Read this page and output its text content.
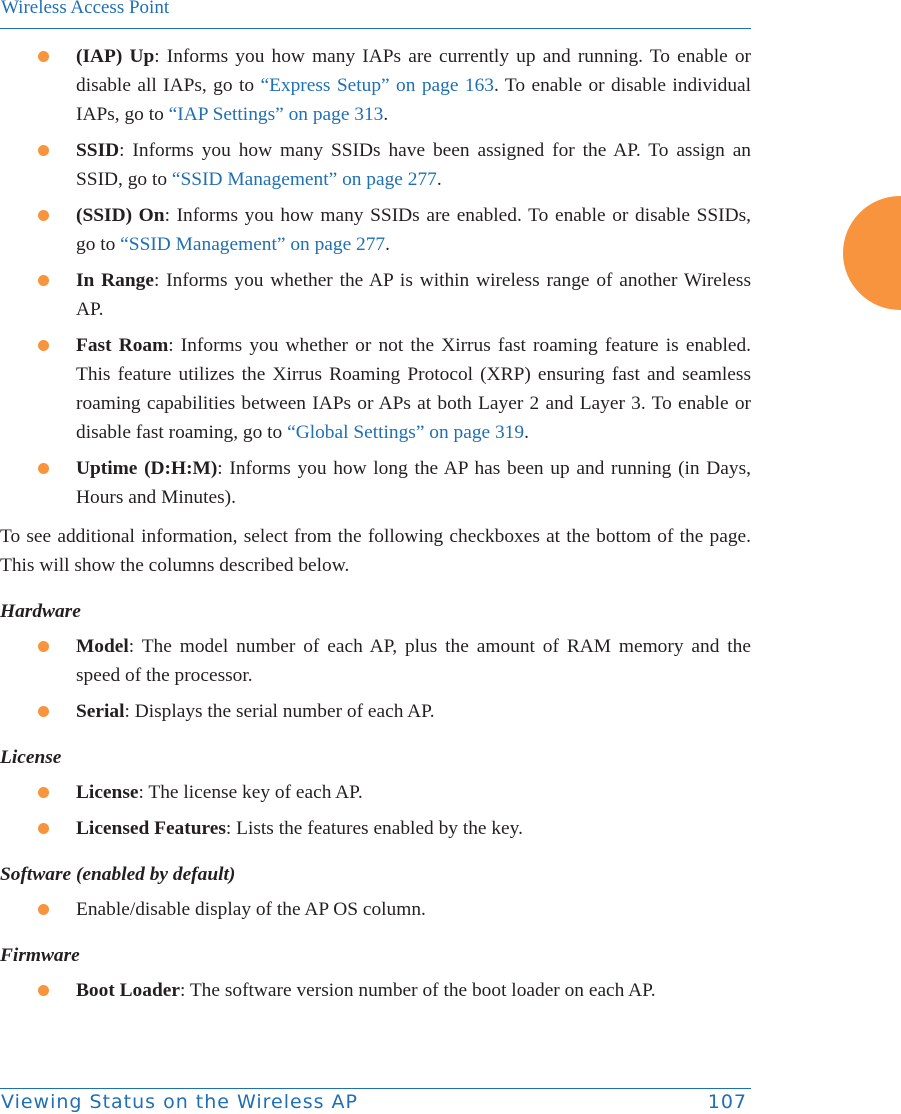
Wireless Access Point
(IAP) Up: Informs you how many IAPs are currently up and running. To enable or disable all IAPs, go to “Express Setup” on page 163. To enable or disable individual IAPs, go to “IAP Settings” on page 313.
SSID: Informs you how many SSIDs have been assigned for the AP. To assign an SSID, go to “SSID Management” on page 277.
(SSID) On: Informs you how many SSIDs are enabled. To enable or disable SSIDs, go to “SSID Management” on page 277.
In Range: Informs you whether the AP is within wireless range of another Wireless AP.
Fast Roam: Informs you whether or not the Xirrus fast roaming feature is enabled. This feature utilizes the Xirrus Roaming Protocol (XRP) ensuring fast and seamless roaming capabilities between IAPs or APs at both Layer 2 and Layer 3. To enable or disable fast roaming, go to “Global Settings” on page 319.
Uptime (D:H:M): Informs you how long the AP has been up and running (in Days, Hours and Minutes).

To see additional information, select from the following checkboxes at the bottom of the page. This will show the columns described below.

Hardware
Model: The model number of each AP, plus the amount of RAM memory and the speed of the processor.
Serial: Displays the serial number of each AP.
License
License: The license key of each AP.
Licensed Features: Lists the features enabled by the key.
Software (enabled by default)
Enable/disable display of the AP OS column.
Firmware
Boot Loader: The software version number of the boot loader on each AP.
Viewing Status on the Wireless AP	107
